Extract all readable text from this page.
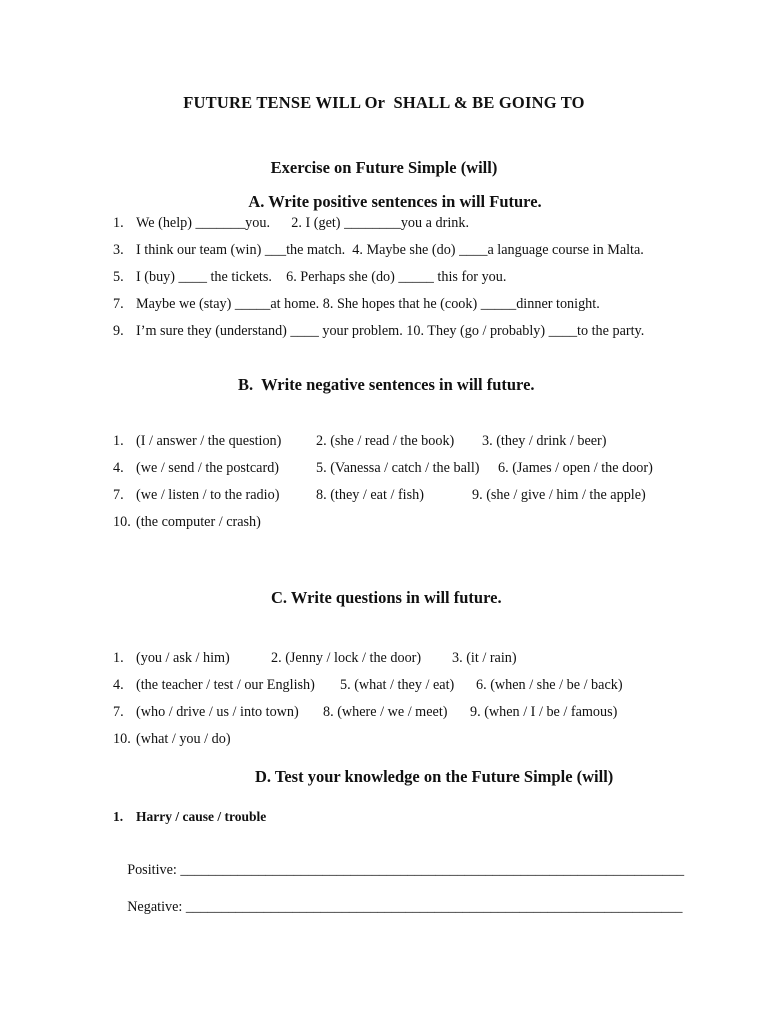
FUTURE TENSE WILL Or  SHALL & BE GOING TO
Exercise on Future Simple (will)
A. Write positive sentences in will Future.
1. We (help) _______you.      2. I (get) ________you a drink.
3. I think our team (win) ___the match.  4. Maybe she (do) ____a language course in Malta.
5. I (buy) ____ the tickets.    6. Perhaps she (do) _____ this for you.
7. Maybe we (stay) _____at home. 8. She hopes that he (cook) _____dinner tonight.
9. I’m sure they (understand) ____ your problem. 10. They (go / probably) ____to the party.
B.  Write negative sentences in will future.
1. (I / answer / the question) 2. (she / read / the book) 3. (they / drink / beer)
4. (we / send / the postcard)	5. (Vanessa / catch / the ball) 6. (James / open / the door)
7. (we / listen / to the radio)	8. (they / eat / fish)	9. (she / give / him / the apple)
10. (the computer / crash)
C. Write questions in will future.
1. (you / ask / him)	2. (Jenny / lock / the door) 3. (it / rain)
4. (the teacher / test / our English) 5. (what / they / eat) 6. (when / she / be / back)
7. (who / drive / us / into town) 8. (where / we / meet) 9. (when / I / be / famous)
10. (what / you / do)
D. Test your knowledge on the Future Simple (will)
1. Harry / cause / trouble

Positive: _______________________________________________________________________

Negative: ______________________________________________________________________
